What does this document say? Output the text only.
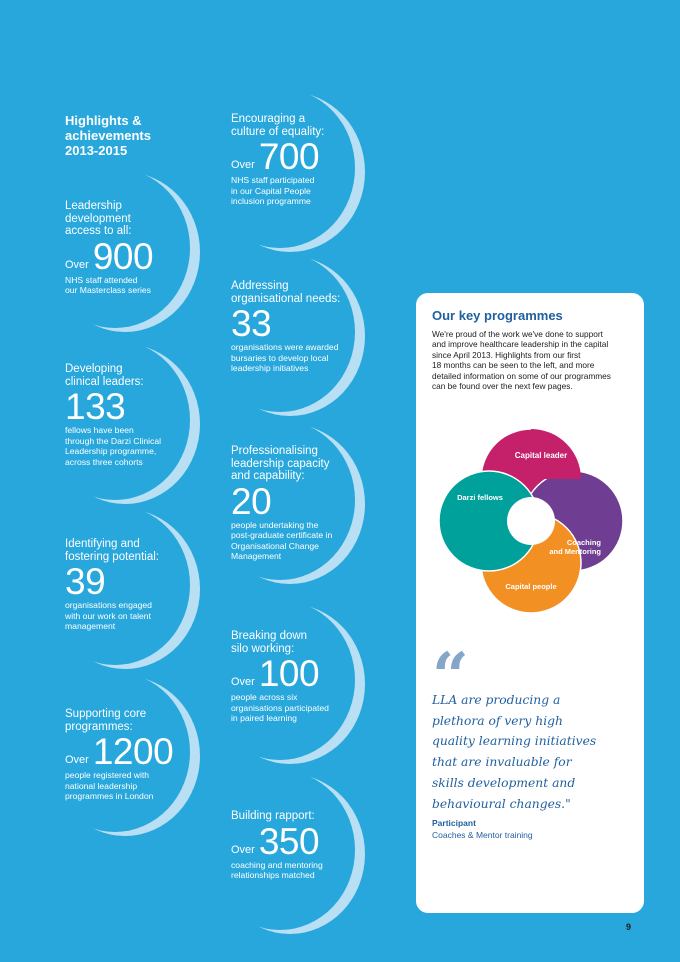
Highlights &
achievements
2013-2015
Leadership
development
access to all:
Over 900
NHS staff attended
our Masterclass series
Developing
clinical leaders:
133
fellows have been
through the Darzi Clinical
Leadership programme,
across three cohorts
Identifying and
fostering potential:
39
organisations engaged
with our work on talent
management
Supporting core
programmes:
Over 1200
people registered with
national leadership
programmes in London
Encouraging a
culture of equality:
Over 700
NHS staff participated
in our Capital People
inclusion programme
Addressing
organisational needs:
33
organisations were awarded
bursaries to develop local
leadership initiatives
Professionalising
leadership capacity
and capability:
20
people undertaking the
post-graduate certificate in
Organisational Change
Management
Breaking down
silo working:
Over 100
people across six
organisations participated
in paired learning
Building rapport:
Over 350
coaching and mentoring
relationships matched
Our key programmes
We're proud of the work we've done to support
and improve healthcare leadership in the capital
since April 2013. Highlights from our first
18 months can be seen to the left, and more
detailed information on some of our programmes
can be found over the next few pages.
Capital leader
Darzi fellows
Coaching
and Mentoring
Capital people
“
LLA are producing a
plethora of very high
quality learning initiatives
that are invaluable for
skills development and
behavioural changes."
Participant
Coaches & Mentor training
9
